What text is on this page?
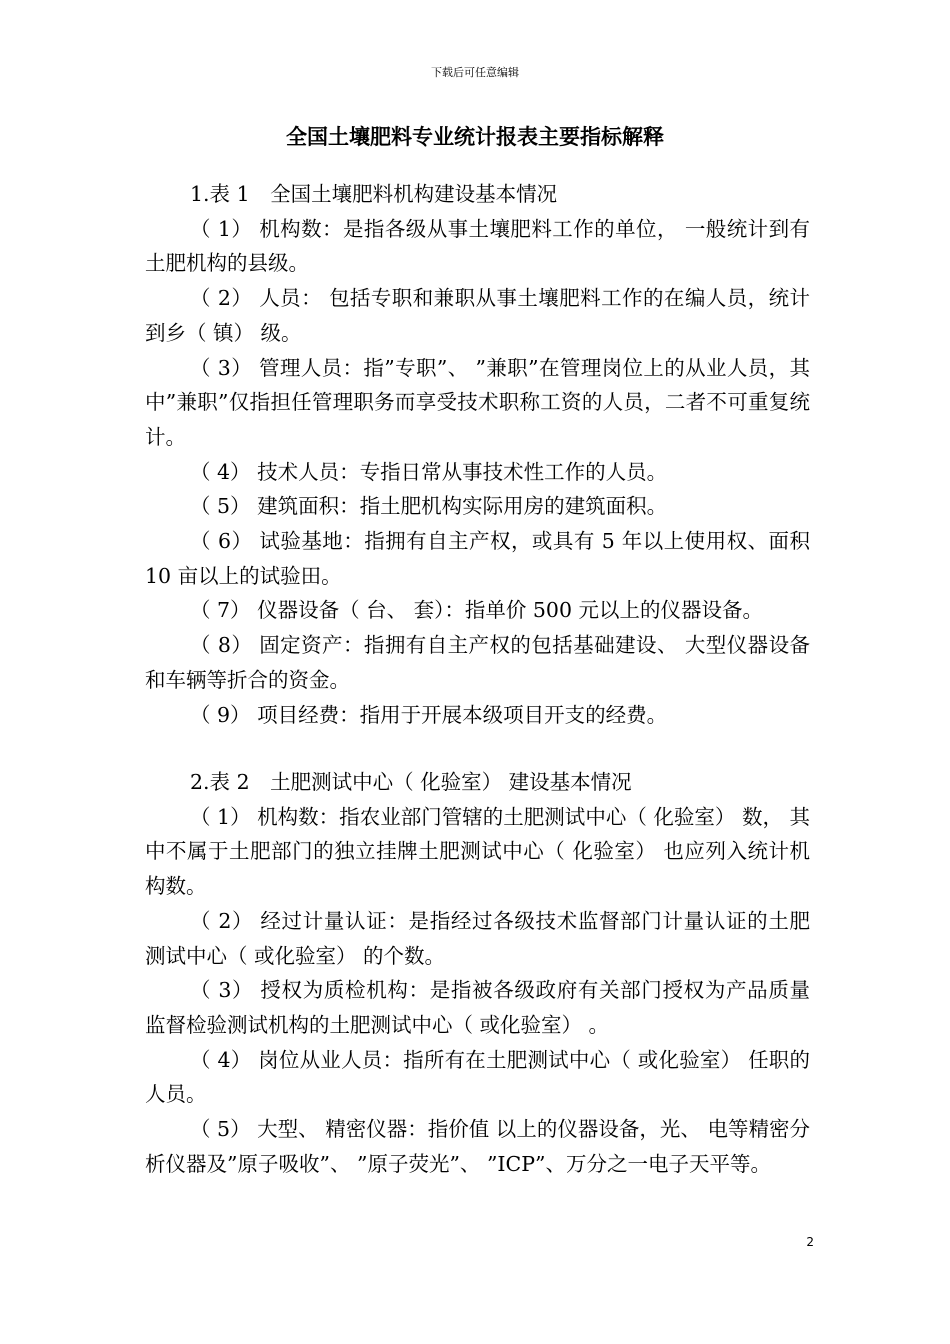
下载后可任意编辑
全国土壤肥料专业统计报表主要指标解释
1.表 1　全国土壤肥料机构建设基本情况
（ 1） 机构数：是指各级从事土壤肥料工作的单位， 一般统计到有土肥机构的县级。
（ 2） 人员： 包括专职和兼职从事土壤肥料工作的在编人员，统计到乡（ 镇） 级。
（ 3） 管理人员：指”专职”、 ”兼职”在管理岗位上的从业人员，其中”兼职”仅指担任管理职务而享受技术职称工资的人员，二者不可重复统计。
（ 4） 技术人员：专指日常从事技术性工作的人员。
（ 5） 建筑面积：指土肥机构实际用房的建筑面积。
（ 6） 试验基地：指拥有自主产权，或具有 5 年以上使用权、面积 10 亩以上的试验田。
（ 7） 仪器设备（ 台、 套）：指单价 500 元以上的仪器设备。
（ 8） 固定资产：指拥有自主产权的包括基础建设、 大型仪器设备和车辆等折合的资金。
（ 9） 项目经费：指用于开展本级项目开支的经费。
2.表 2　土肥测试中心（ 化验室） 建设基本情况
（ 1） 机构数：指农业部门管辖的土肥测试中心（ 化验室） 数， 其中不属于土肥部门的独立挂牌土肥测试中心（ 化验室） 也应列入统计机构数。
（ 2） 经过计量认证：是指经过各级技术监督部门计量认证的土肥测试中心（ 或化验室） 的个数。
（ 3） 授权为质检机构：是指被各级政府有关部门授权为产品质量监督检验测试机构的土肥测试中心（ 或化验室） 。
（ 4） 岗位从业人员：指所有在土肥测试中心（ 或化验室） 任职的人员。
（ 5） 大型、 精密仪器：指价值 以上的仪器设备，光、 电等精密分析仪器及”原子吸收”、 ”原子荧光”、 ”ICP”、万分之一电子天平等。
2
